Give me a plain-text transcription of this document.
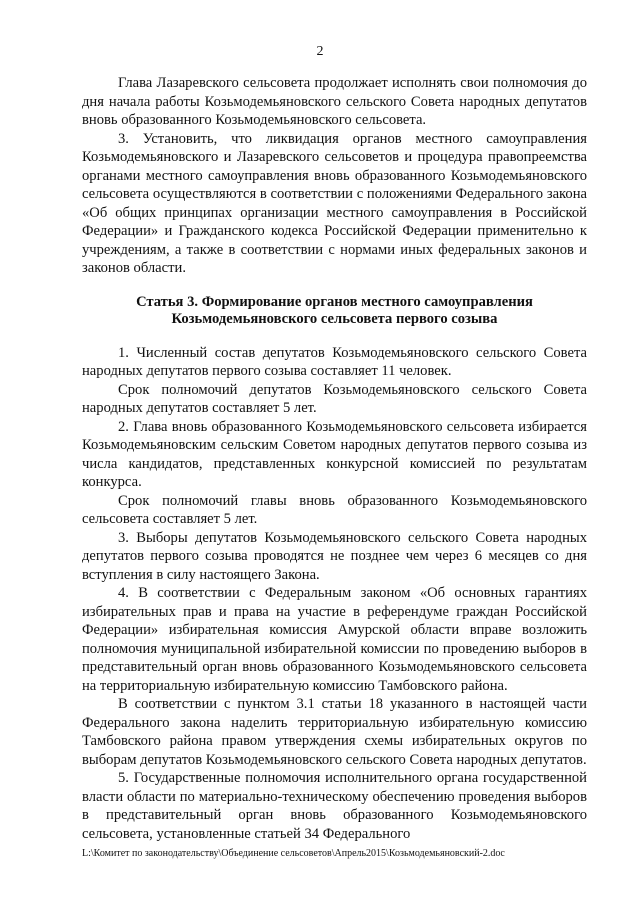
2

Глава Лазаревского сельсовета продолжает исполнять свои полномочия до дня начала работы Козьмодемьяновского сельского Совета народных депутатов вновь образованного Козьмодемьяновского сельсовета.

3. Установить, что ликвидация органов местного самоуправления Козьмодемьяновского и Лазаревского сельсоветов и процедура правопреемства органами местного самоуправления вновь образованного Козьмодемьяновского сельсовета осуществляются в соответствии с положениями Федерального закона «Об общих принципах организации местного самоуправления в Российской Федерации» и Гражданского кодекса Российской Федерации применительно к учреждениям, а также в соответствии с нормами иных федеральных законов и законов области.

Статья 3. Формирование органов местного самоуправления
Козьмодемьяновского сельсовета первого созыва

1. Численный состав депутатов Козьмодемьяновского сельского Совета народных депутатов первого созыва составляет 11 человек.

Срок полномочий депутатов Козьмодемьяновского сельского Совета народных депутатов составляет 5 лет.

2. Глава вновь образованного Козьмодемьяновского сельсовета избирается Козьмодемьяновским сельским Советом народных депутатов первого созыва из числа кандидатов, представленных конкурсной комиссией по результатам конкурса.

Срок полномочий главы вновь образованного Козьмодемьяновского сельсовета составляет 5 лет.

3. Выборы депутатов Козьмодемьяновского сельского Совета народных депутатов первого созыва проводятся не позднее чем через 6 месяцев со дня вступления в силу настоящего Закона.

4. В соответствии с Федеральным законом «Об основных гарантиях избирательных прав и права на участие в референдуме граждан Российской Федерации» избирательная комиссия Амурской области вправе возложить полномочия муниципальной избирательной комиссии по проведению выборов в представительный орган вновь образованного Козьмодемьяновского сельсовета на территориальную избирательную комиссию Тамбовского района.

В соответствии с пунктом 3.1 статьи 18 указанного в настоящей части Федерального закона наделить территориальную избирательную комиссию Тамбовского района правом утверждения схемы избирательных округов по выборам депутатов Козьмодемьяновского сельского Совета народных депутатов.

5. Государственные полномочия исполнительного органа государственной власти области по материально-техническому обеспечению проведения выборов в представительный орган вновь образованного Козьмодемьяновского сельсовета, установленные статьей 34 Федерального

L:\Комитет по законодательству\Объединение сельсоветов\Апрель2015\Козьмодемьяновский-2.doc
